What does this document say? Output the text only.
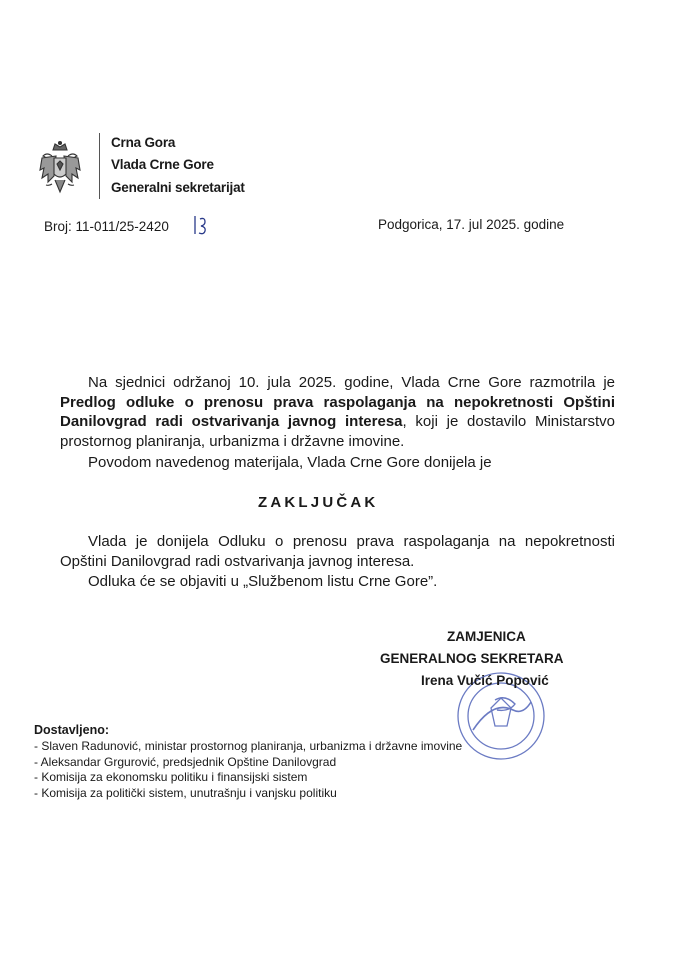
Crna Gora
Vlada Crne Gore
Generalni sekretarijat
Broj: 11-011/25-2420	Podgorica, 17. jul 2025. godine
Na sjednici održanoj 10. jula 2025. godine, Vlada Crne Gore razmotrila je Predlog odluke o prenosu prava raspolaganja na nepokretnosti Opštini Danilovgrad radi ostvarivanja javnog interesa, koji je dostavilo Ministarstvo prostornog planiranja, urbanizma i državne imovine.
Povodom navedenog materijala, Vlada Crne Gore donijela je
ZAKLJUČAK
Vlada je donijela Odluku o prenosu prava raspolaganja na nepokretnosti Opštini Danilovgrad radi ostvarivanja javnog interesa.
Odluka će se objaviti u „Službenom listu Crne Gore”.
ZAMJENICA
GENERALNOG SEKRETARA
Irena Vučić Popović
Dostavljeno:
- Slaven Radunović, ministar prostornog planiranja, urbanizma i državne imovine
- Aleksandar Grgurović, predsjednik Opštine Danilovgrad
- Komisija za ekonomsku politiku i finansijski sistem
- Komisija za politički sistem, unutrašnju i vanjsku politiku
